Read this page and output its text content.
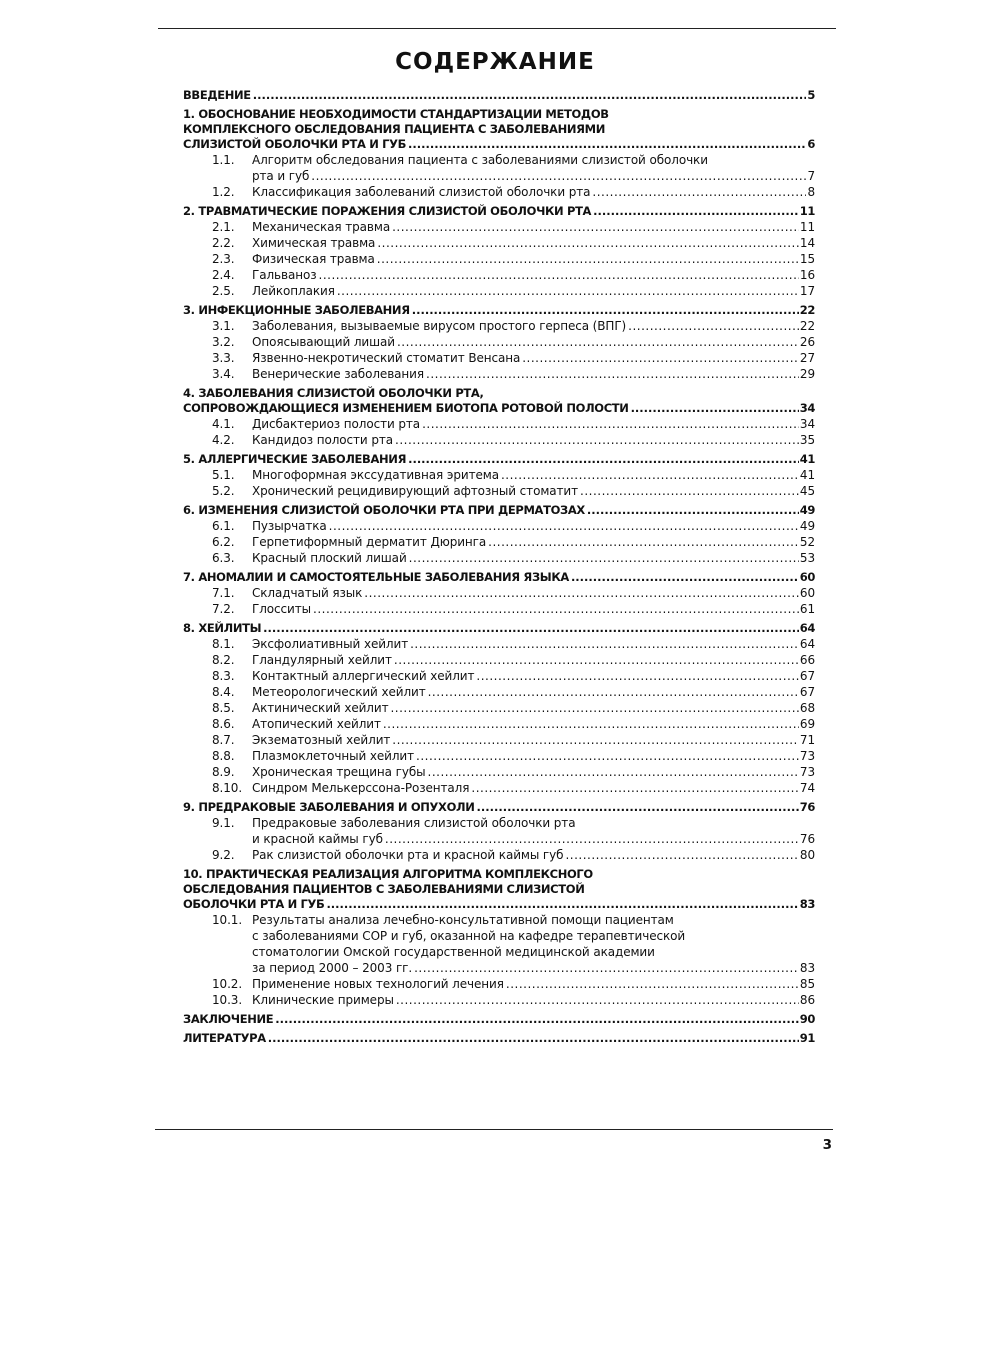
СОДЕРЖАНИЕ
ВВЕДЕНИЕ .....	5
1. ОБОСНОВАНИЕ НЕОБХОДИМОСТИ СТАНДАРТИЗАЦИИ МЕТОДОВ
КОМПЛЕКСНОГО ОБСЛЕДОВАНИЯ ПАЦИЕНТА С ЗАБОЛЕВАНИЯМИ
СЛИЗИСТОЙ ОБОЛОЧКИ РТА И ГУБ .....	6
1.1.	Алгоритм обследования пациента с заболеваниями слизистой оболочки
рта и губ .....	7
1.2.	Классификация заболеваний слизистой оболочки рта .....	8
2. ТРАВМАТИЧЕСКИЕ ПОРАЖЕНИЯ СЛИЗИСТОЙ ОБОЛОЧКИ РТА .....	11
2.1.	Механическая травма .....	11
2.2.	Химическая травма .....	14
2.3.	Физическая травма .....	15
2.4.	Гальваноз .....	16
2.5.	Лейкоплакия .....	17
3. ИНФЕКЦИОННЫЕ ЗАБОЛЕВАНИЯ .....	22
3.1.	Заболевания, вызываемые вирусом простого герпеса (ВПГ) .....	22
3.2.	Опоясывающий лишай .....	26
3.3.	Язвенно-некротический стоматит Венсана .....	27
3.4.	Венерические заболевания .....	29
4. ЗАБОЛЕВАНИЯ СЛИЗИСТОЙ ОБОЛОЧКИ РТА,
СОПРОВОЖДАЮЩИЕСЯ ИЗМЕНЕНИЕМ БИОТОПА РОТОВОЙ ПОЛОСТИ .....	34
4.1.	Дисбактериоз полости рта .....	34
4.2.	Кандидоз полости рта .....	35
5. АЛЛЕРГИЧЕСКИЕ ЗАБОЛЕВАНИЯ .....	41
5.1.	Многоформная экссудативная эритема .....	41
5.2.	Хронический рецидивирующий афтозный стоматит .....	45
6. ИЗМЕНЕНИЯ СЛИЗИСТОЙ ОБОЛОЧКИ РТА ПРИ ДЕРМАТОЗАХ .....	49
6.1.	Пузырчатка .....	49
6.2.	Герпетиформный дерматит Дюринга .....	52
6.3.	Красный плоский лишай .....	53
7. АНОМАЛИИ И САМОСТОЯТЕЛЬНЫЕ ЗАБОЛЕВАНИЯ ЯЗЫКА .....	60
7.1.	Складчатый язык .....	60
7.2.	Глосситы .....	61
8. ХЕЙЛИТЫ .....	64
8.1.	Эксфолиативный хейлит .....	64
8.2.	Гландулярный хейлит .....	66
8.3.	Контактный аллергический хейлит .....	67
8.4.	Метеорологический хейлит .....	67
8.5.	Актинический хейлит .....	68
8.6.	Атопический хейлит .....	69
8.7.	Экзематозный хейлит .....	71
8.8.	Плазмоклеточный хейлит .....	73
8.9.	Хроническая трещина губы .....	73
8.10. Синдром Мелькерссона-Розенталя .....	74
9. ПРЕДРАКОВЫЕ ЗАБОЛЕВАНИЯ И ОПУХОЛИ .....	76
9.1.	Предраковые заболевания слизистой оболочки рта
и красной каймы губ .....	76
9.2.	Рак слизистой оболочки рта и красной каймы губ .....	80
10. ПРАКТИЧЕСКАЯ РЕАЛИЗАЦИЯ АЛГОРИТМА КОМПЛЕКСНОГО
ОБСЛЕДОВАНИЯ ПАЦИЕНТОВ С ЗАБОЛЕВАНИЯМИ СЛИЗИСТОЙ
ОБОЛОЧКИ РТА И ГУБ .....	83
10.1. Результаты анализа лечебно-консультативной помощи пациентам
с заболеваниями СОР и губ, оказанной на кафедре терапевтической
стоматологии Омской государственной медицинской академии
за период 2000 – 2003 гг. .....	83
10.2. Применение новых технологий лечения .....	85
10.3. Клинические примеры .....	86
ЗАКЛЮЧЕНИЕ .....	90
ЛИТЕРАТУРА .....	91
3
